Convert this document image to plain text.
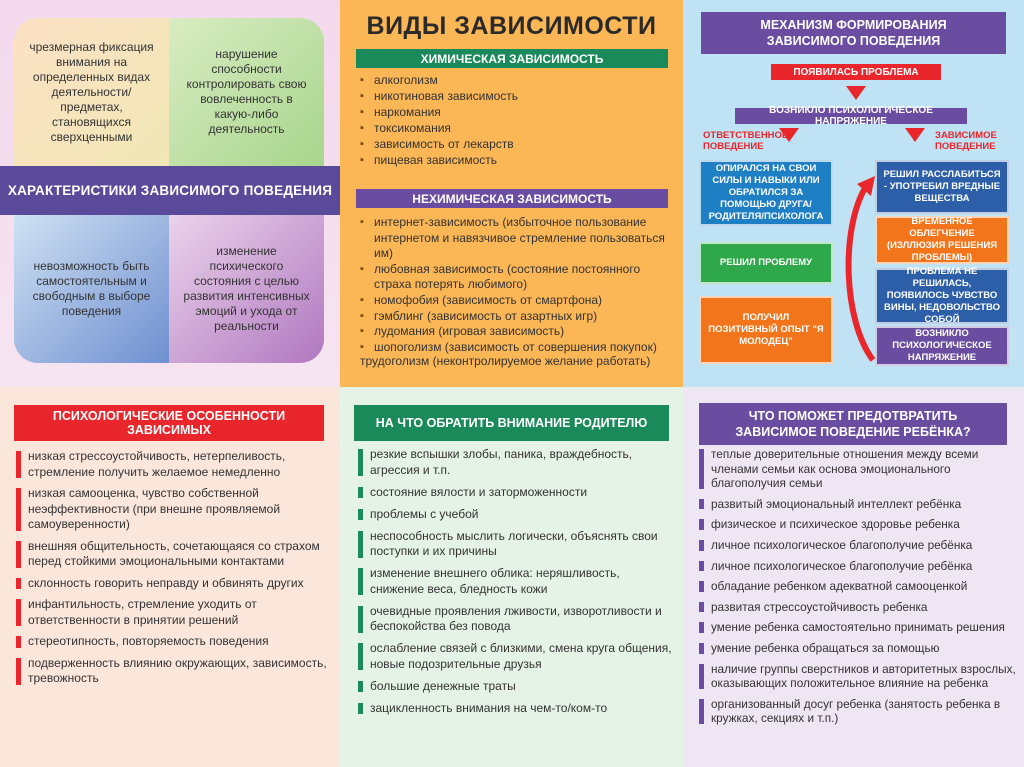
чрезмерная фиксация внимания на определенных видах деятельности/ предметах, становящихся сверхценными
нарушение способности контролировать свою вовлеченность в какую-либо деятельность
ХАРАКТЕРИСТИКИ ЗАВИСИМОГО ПОВЕДЕНИЯ
невозможность быть самостоятельным и свободным в выборе поведения
изменение психического состояния с целью развития интенсивных эмоций и ухода от реальности
ВИДЫ ЗАВИСИМОСТИ
ХИМИЧЕСКАЯ ЗАВИСИМОСТЬ
▪ алкоголизм
▪ никотиновая зависимость
▪ наркомания
▪ токсикомания
▪ зависимость от лекарств
▪ пищевая зависимость
НЕХИМИЧЕСКАЯ ЗАВИСИМОСТЬ
▪ интернет-зависимость (избыточное пользование интернетом и навязчивое стремление пользоваться им)
▪ любовная зависимость (состояние постоянного страха потерять любимого)
▪ номофобия (зависимость от смартфона)
▪ гэмблинг (зависимость от азартных игр)
▪ лудомания (игровая зависимость)
▪ шопоголизм (зависимость от совершения покупок)
трудоголизм (неконтролируемое желание работать)
МЕХАНИЗМ ФОРМИРОВАНИЯ ЗАВИСИМОГО ПОВЕДЕНИЯ
ПОЯВИЛАСЬ ПРОБЛЕМА
ВОЗНИКЛО ПСИХОЛОГИЧЕСКОЕ НАПРЯЖЕНИЕ
ОТВЕТСТВЕННОЕ ПОВЕДЕНИЕ
ЗАВИСИМОЕ ПОВЕДЕНИЕ
ОПИРАЛСЯ НА СВОИ СИЛЫ И НАВЫКИ ИЛИ ОБРАТИЛСЯ ЗА ПОМОЩЬЮ ДРУГА/РОДИТЕЛЯ/ПСИХОЛОГА
РЕШИЛ ПРОБЛЕМУ
ПОЛУЧИЛ ПОЗИТИВНЫЙ ОПЫТ "Я МОЛОДЕЦ"
РЕШИЛ РАССЛАБИТЬСЯ - УПОТРЕБИЛ ВРЕДНЫЕ ВЕЩЕСТВА
ВРЕМЕННОЕ ОБЛЕГЧЕНИЕ (ИЗЛЛЮЗИЯ РЕШЕНИЯ ПРОБЛЕМЫ)
ПРОБЛЕМА НЕ РЕШИЛАСЬ, ПОЯВИЛОСЬ ЧУВСТВО ВИНЫ, НЕДОВОЛЬСТВО СОБОЙ
ВОЗНИКЛО ПСИХОЛОГИЧЕСКОЕ НАПРЯЖЕНИЕ
ПСИХОЛОГИЧЕСКИЕ ОСОБЕННОСТИ ЗАВИСИМЫХ
низкая стрессоустойчивость, нетерпеливость, стремление получить желаемое немедленно
низкая самооценка, чувство собственной неэффективности (при внешне проявляемой самоуверенности)
внешняя общительность, сочетающаяся со страхом перед стойкими эмоциональными контактами
склонность говорить неправду и обвинять других
инфантильность, стремление уходить от ответственности в принятии решений
стереотипность, повторяемость поведения
подверженность влиянию окружающих, зависимость, тревожность
НА ЧТО ОБРАТИТЬ ВНИМАНИЕ РОДИТЕЛЮ
резкие вспышки злобы, паника, враждебность, агрессия и т.п.
состояние вялости и заторможенности
проблемы с учебой
неспособность мыслить логически, объяснять свои поступки и их причины
изменение внешнего облика: неряшливость, снижение веса, бледность кожи
очевидные проявления лживости, изворотливости и беспокойства без повода
ослабление связей с близкими, смена круга общения, новые подозрительные друзья
большие денежные траты
зацикленность внимания на чем-то/ком-то
ЧТО ПОМОЖЕТ ПРЕДОТВРАТИТЬ ЗАВИСИМОЕ ПОВЕДЕНИЕ РЕБЁНКА?
теплые доверительные отношения между всеми членами семьи как основа эмоционального благополучия семьи
развитый эмоциональный интеллект ребёнка
физическое и психическое здоровье ребенка
личное психологическое благополучие ребёнка
личное психологическое благополучие ребёнка
обладание ребенком адекватной самооценкой
развитая стрессоустойчивость ребенка
умение ребенка самостоятельно принимать решения
умение ребенка обращаться за помощью
наличие группы сверстников и авторитетных взрослых, оказывающих положительное влияние на ребенка
организованный досуг ребенка (занятость ребенка в кружках, секциях и т.п.)
